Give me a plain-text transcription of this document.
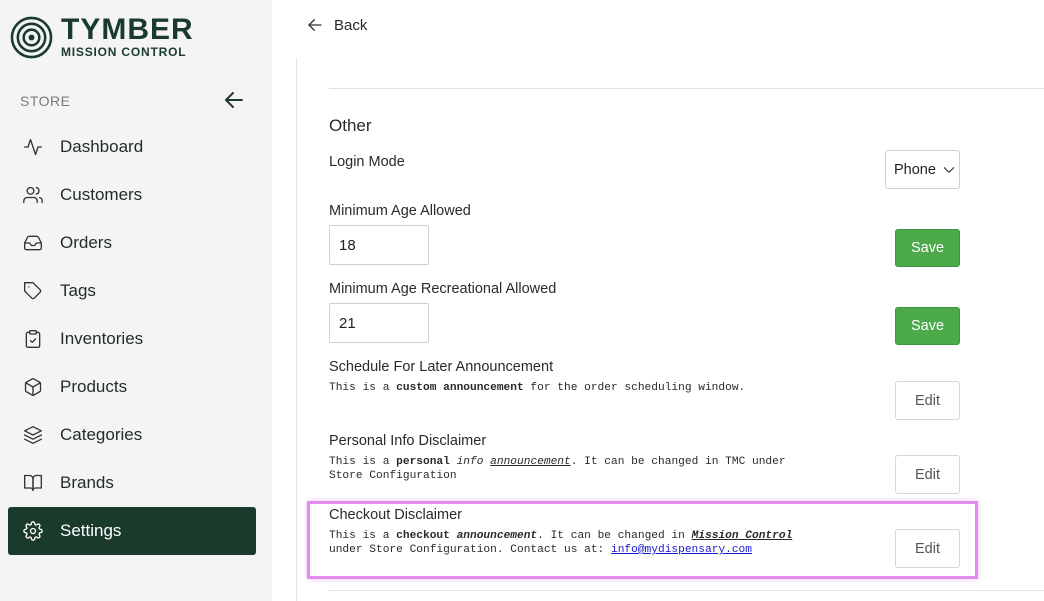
TYMBER
MISSION CONTROL
STORE
Dashboard
Customers
Orders
Tags
Inventories
Products
Categories
Brands
Settings
Back
Other
Login Mode	Phone
Minimum Age Allowed
18
Save
Minimum Age Recreational Allowed
21
Save
Schedule For Later Announcement
This is a custom announcement for the order scheduling window.
Edit
Personal Info Disclaimer
This is a personal info announcement. It can be changed in TMC under
Store Configuration	Edit
Checkout Disclaimer
This is a checkout announcement. It can be changed in Mission Control
under Store Configuration. Contact us at: info@mydispensary.com	Edit
